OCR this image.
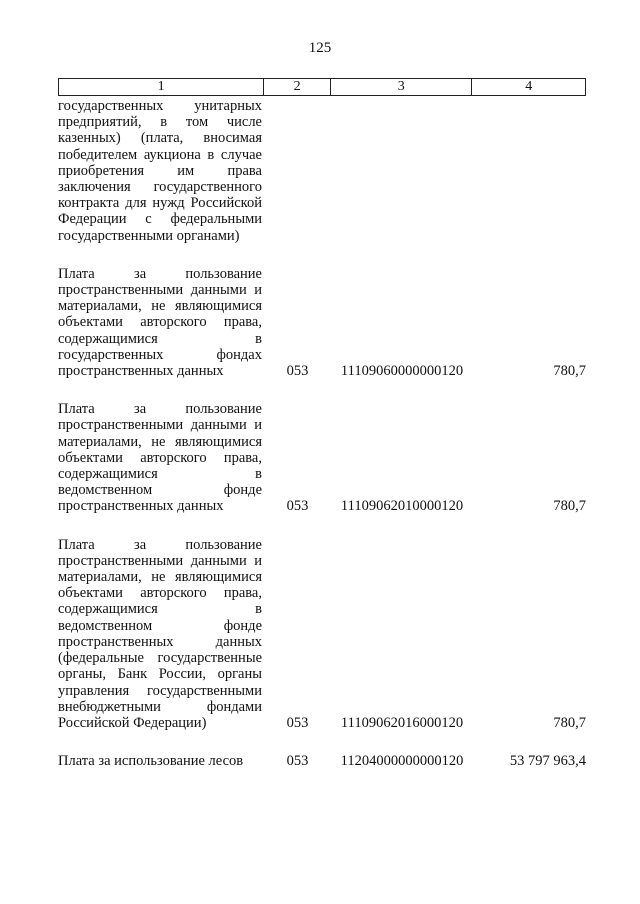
125
1	2	3	4
государственных унитарных
предприятий, в том числе
казенных) (плата, вносимая
победителем аукциона в случае
приобретения им права
заключения государственного
контракта для нужд Российской
Федерации с федеральными
государственными органами)
Плата за пользование
пространственными данными и
материалами, не являющимися
объектами авторского права,
содержащимися в
государственных фондах
пространственных данных	053	11109060000000120	780,7
Плата за пользование
пространственными данными и
материалами, не являющимися
объектами авторского права,
содержащимися в
ведомственном фонде
пространственных данных	053	11109062010000120	780,7
Плата за пользование
пространственными данными и
материалами, не являющимися
объектами авторского права,
содержащимися в
ведомственном фонде
пространственных данных
(федеральные государственные
органы, Банк России, органы
управления государственными
внебюджетными фондами
Российской Федерации)	053	11109062016000120	780,7
Плата за использование лесов	053	11204000000000120	53 797 963,4
